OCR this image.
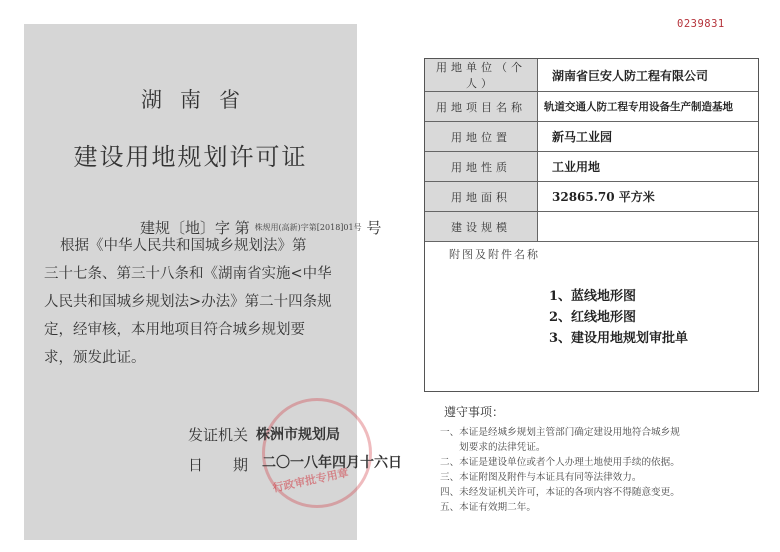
湖南省
建设用地规划许可证
建规〔地〕字 第 $^{株规用(高新)字第[2018]01号}$ 号
根据《中华人民共和国城乡规划法》第
三十七条、第三十八条和《湖南省实施<中华
人民共和国城乡规划法>办法》第二十四条规
定，经审核，本用地项目符合城乡规划要
求，颁发此证。
行政审批专用章
发证机关 株洲市规划局
日期
二〇一八年四月十六日
0239831
用地单位（个人）	湖南省巨安人防工程有限公司
用地项目名称	轨道交通人防工程专用设备生产制造基地
用地位置	新马工业园
用地性质	工业用地
用地面积	32865.70 平方米
建设规模	
附图及附件名称
1、蓝线地形图
2、红线地形图
3、建设用地规划审批单
遵守事项：
一、本证是经城乡规划主管部门确定建设用地符合城乡规
　　划要求的法律凭证。
二、本证是建设单位或者个人办理土地使用手续的依据。
三、本证附图及附件与本证具有同等法律效力。
四、未经发证机关许可，本证的各项内容不得随意变更。
五、本证有效期二年。
